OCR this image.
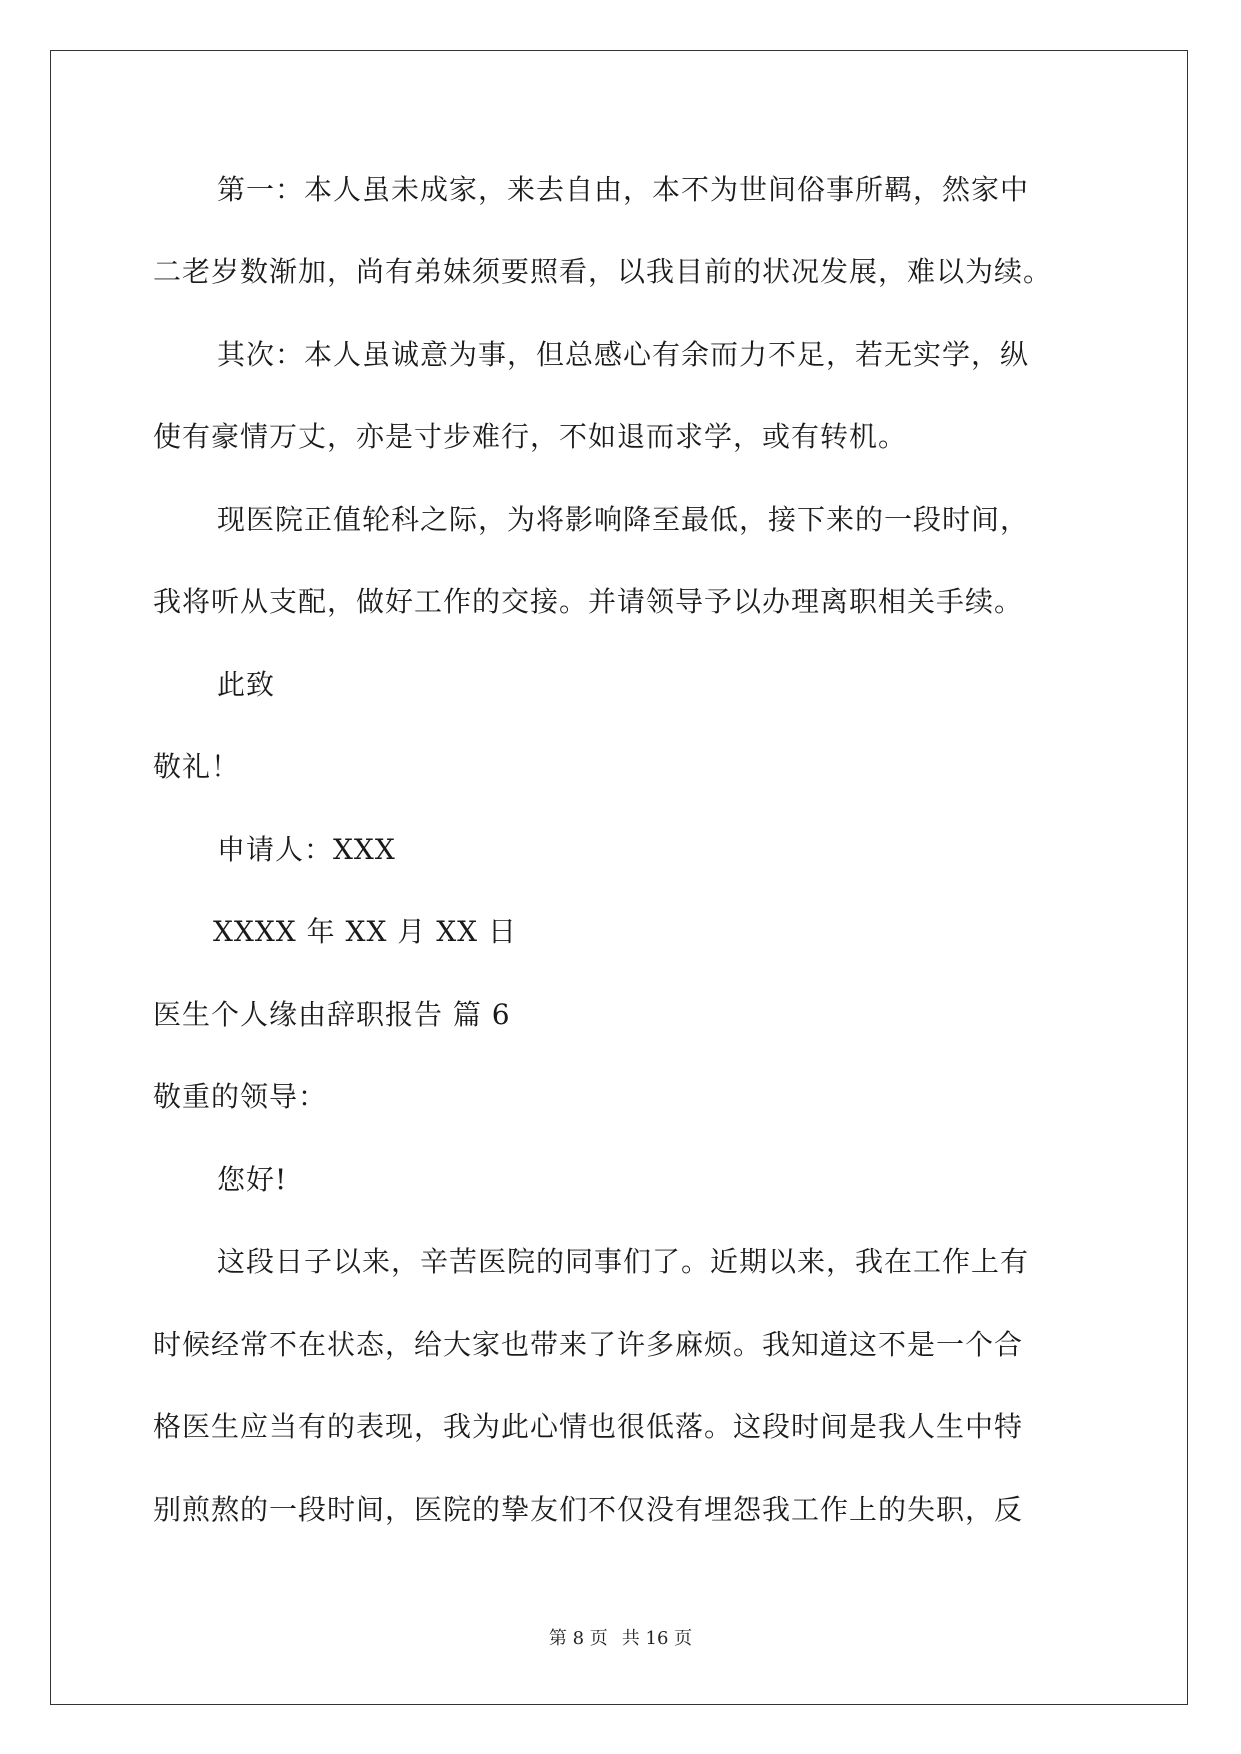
第一：本人虽未成家，来去自由，本不为世间俗事所羁，然家中
二老岁数渐加，尚有弟妹须要照看，以我目前的状况发展，难以为续。
其次：本人虽诚意为事，但总感心有余而力不足，若无实学，纵
使有豪情万丈，亦是寸步难行，不如退而求学，或有转机。
现医院正值轮科之际，为将影响降至最低，接下来的一段时间，
我将听从支配，做好工作的交接。并请领导予以办理离职相关手续。
此致
敬礼！
申请人：XXX
XXXX 年 XX 月 XX 日
医生个人缘由辞职报告 篇 6
敬重的领导：
您好!
这段日子以来，辛苦医院的同事们了。近期以来，我在工作上有
时候经常不在状态，给大家也带来了许多麻烦。我知道这不是一个合
格医生应当有的表现，我为此心情也很低落。这段时间是我人生中特
别煎熬的一段时间，医院的挚友们不仅没有埋怨我工作上的失职，反
第 8 页 共 16 页
